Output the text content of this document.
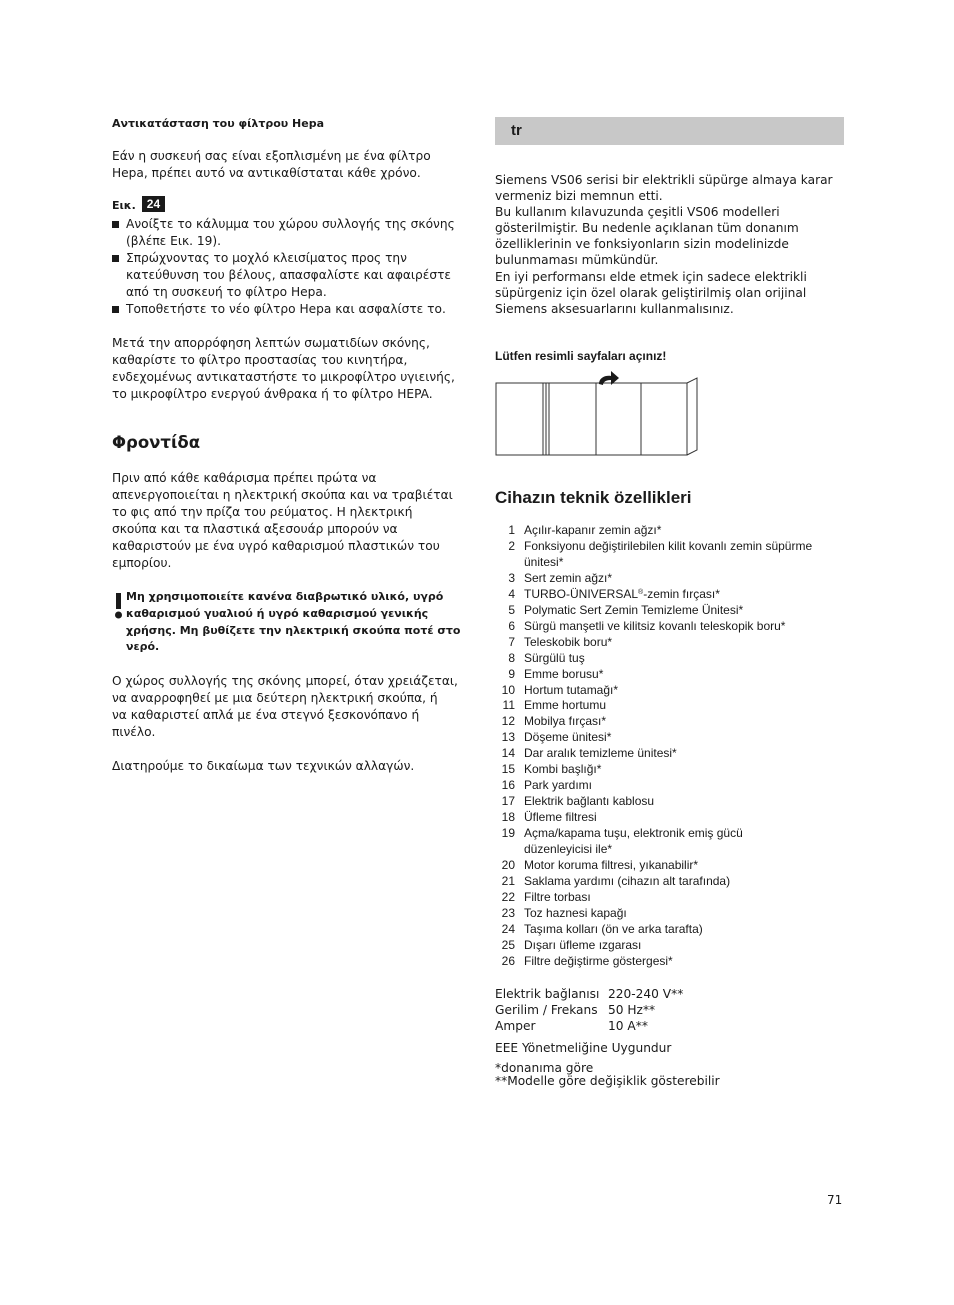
Αντικατάσταση του φίλτρου Hepa
Εάν η συσκευή σας είναι εξοπλισμένη με ένα φίλτρο
Hepa, πρέπει αυτό να αντικαθίσταται κάθε χρόνο.
Εικ. 24
Ανοίξτε το κάλυμμα του χώρου συλλογής της σκόνης (βλέπε Εικ. 19).
Σπρώχνοντας το μοχλό κλεισίματος προς την κατεύθυνση του βέλους, απασφαλίστε και αφαιρέστε από τη συσκευή το φίλτρο Hepa.
Τοποθετήστε το νέο φίλτρο Hepa και ασφαλίστε το.
Μετά την απορρόφηση λεπτών σωματιδίων σκόνης,
καθαρίστε το φίλτρο προστασίας του κινητήρα,
ενδεχομένως αντικαταστήστε το μικροφίλτρο υγιεινής,
το μικροφίλτρο ενεργού άνθρακα ή το φίλτρο HEPA.
Φροντίδα
Πριν από κάθε καθάρισμα πρέπει πρώτα να
απενεργοποιείται η ηλεκτρική σκούπα και να τραβιέται
το φις από την πρίζα του ρεύματος. Η ηλεκτρική
σκούπα και τα πλαστικά αξεσουάρ μπορούν να
καθαριστούν με ένα υγρό καθαρισμού πλαστικών του
εμπορίου.
Μη χρησιμοποιείτε κανένα διαβρωτικό υλικό, υγρό καθαρισμού γυαλιού ή υγρό καθαρισμού γενικής χρήσης. Μη βυθίζετε την ηλεκτρική σκούπα ποτέ στο νερό.
Ο χώρος συλλογής της σκόνης μπορεί, όταν χρειάζεται,
να αναρροφηθεί με μια δεύτερη ηλεκτρική σκούπα, ή
να καθαριστεί απλά με ένα στεγνό ξεσκονόπανο ή
πινέλο.
Διατηρούμε το δικαίωμα των τεχνικών αλλαγών.
tr
Siemens VS06 serisi bir elektrikli süpürge almaya karar
vermeniz bizi memnun etti.
Bu kullanım kılavuzunda çeşitli VS06 modelleri
gösterilmiştir. Bu nedenle açıklanan tüm donanım
özelliklerinin ve fonksiyonların sizin modelinizde
bulunmaması mümkündür.
En iyi performansı elde etmek için sadece elektrikli
süpürgeniz için özel olarak geliştirilmiş olan orijinal
Siemens aksesuarlarını kullanmalısınız.
Lütfen resimli sayfaları açınız!
Cihazın teknik özellikleri
1 Açılır-kapanır zemin ağzı*
2 Fonksiyonu değiştirilebilen kilit kovanlı zemin süpürme
ünitesi*
3 Sert zemin ağzı*
4 TURBO-ÜNIVERSAL®-zemin fırçası*
5 Polymatic Sert Zemin Temizleme Ünitesi*
6 Sürgü manşetli ve kilitsiz kovanlı teleskopik boru*
7 Teleskobik boru*
8 Sürgülü tuş
9 Emme borusu*
10 Hortum tutamağı*
11 Emme hortumu
12 Mobilya fırçası*
13 Döşeme ünitesi*
14 Dar aralık temizleme ünitesi*
15 Kombi başlığı*
16 Park yardımı
17 Elektrik bağlantı kablosu
18 Üfleme filtresi
19 Açma/kapama tuşu, elektronik emiş gücü
düzenleyicisi ile*
20 Motor koruma filtresi, yıkanabilir*
21 Saklama yardımı (cihazın alt tarafında)
22 Filtre torbası
23 Toz haznesi kapağı
24 Taşıma kolları (ön ve arka tarafta)
25 Dışarı üfleme ızgarası
26 Filtre değiştirme göstergesi*
Elektrik bağlanısı 220-240 V**
Gerilim / Frekans 50 Hz**
Amper	10 A**
EEE Yönetmeliğine Uygundur
*donanıma göre
**Modelle göre değişiklik gösterebilir
71
